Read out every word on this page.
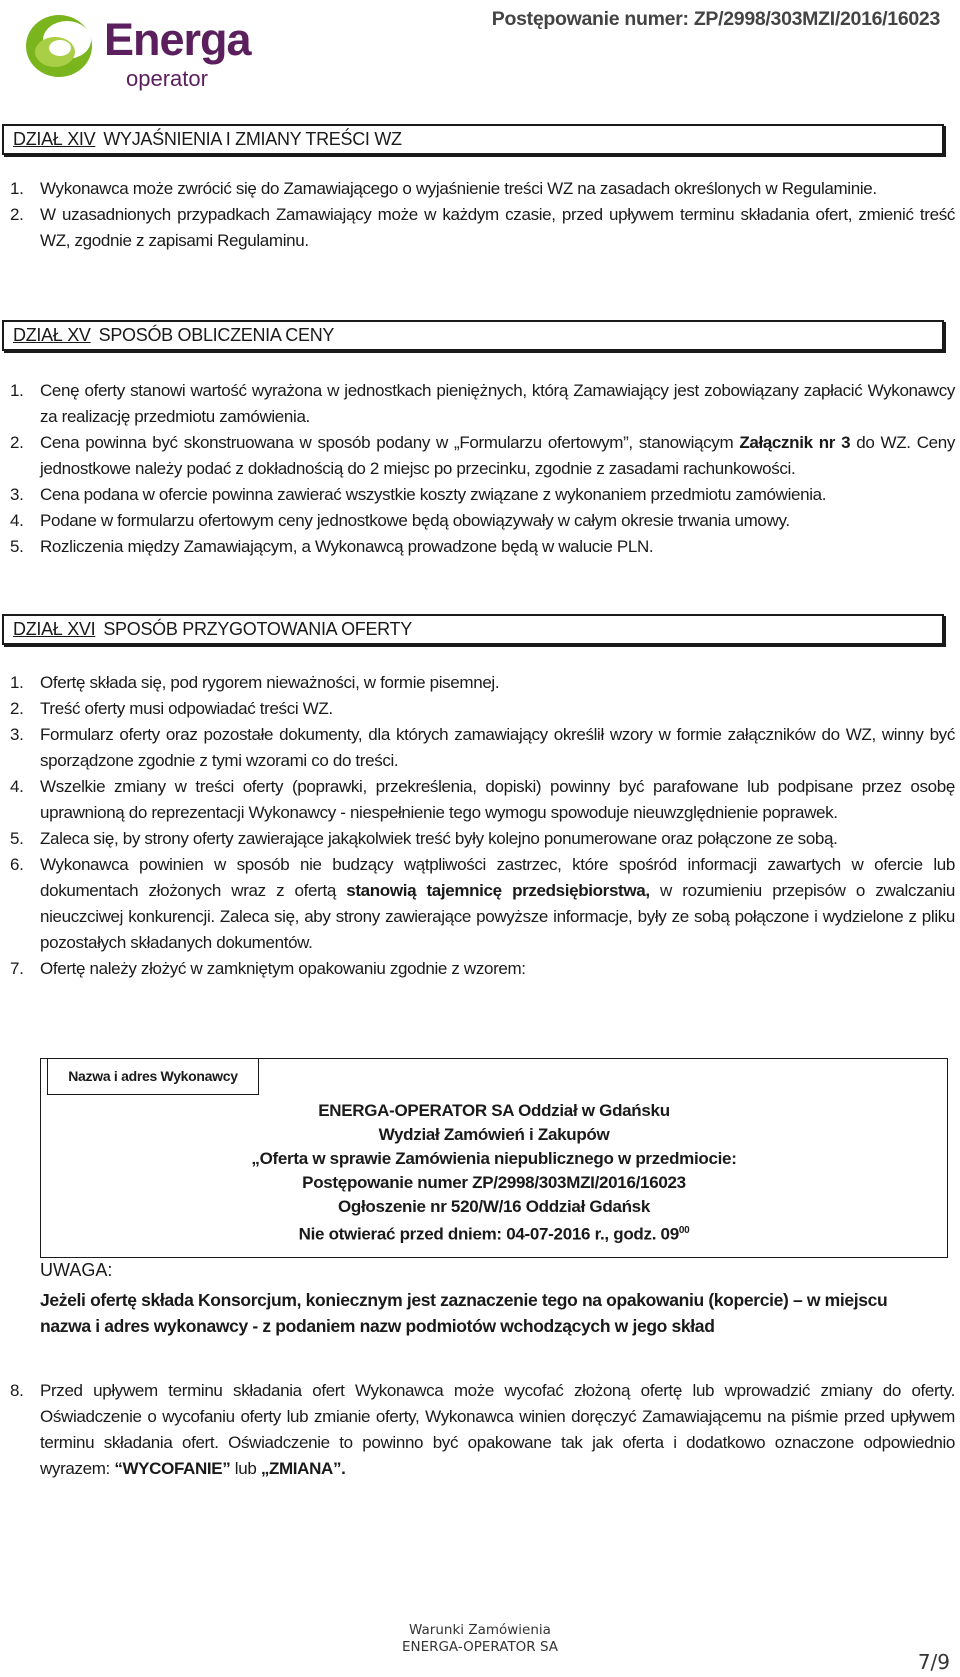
Energa
operator
Postępowanie numer: ZP/2998/303MZI/2016/16023
DZIAŁ XIV WYJAŚNIENIA I ZMIANY TREŚCI WZ
1. Wykonawca może zwrócić się do Zamawiającego o wyjaśnienie treści WZ na zasadach określonych w Regulaminie.
2. W uzasadnionych przypadkach Zamawiający może w każdym czasie, przed upływem terminu składania ofert, zmienić treść WZ, zgodnie z zapisami Regulaminu.
DZIAŁ XV SPOSÓB OBLICZENIA CENY
1. Cenę oferty stanowi wartość wyrażona w jednostkach pieniężnych, którą Zamawiający jest zobowiązany zapłacić Wykonawcy za realizację przedmiotu zamówienia.
2. Cena powinna być skonstruowana w sposób podany w „Formularzu ofertowym”, stanowiącym Załącznik nr 3 do WZ. Ceny jednostkowe należy podać z dokładnością do 2 miejsc po przecinku, zgodnie z zasadami rachunkowości.
3. Cena podana w ofercie powinna zawierać wszystkie koszty związane z wykonaniem przedmiotu zamówienia.
4. Podane w formularzu ofertowym ceny jednostkowe będą obowiązywały w całym okresie trwania umowy.
5. Rozliczenia między Zamawiającym, a Wykonawcą prowadzone będą w walucie PLN.
DZIAŁ XVI SPOSÓB PRZYGOTOWANIA OFERTY
1. Ofertę składa się, pod rygorem nieważności, w formie pisemnej.
2. Treść oferty musi odpowiadać treści WZ.
3. Formularz oferty oraz pozostałe dokumenty, dla których zamawiający określił wzory w formie załączników do WZ, winny być sporządzone zgodnie z tymi wzorami co do treści.
4. Wszelkie zmiany w treści oferty (poprawki, przekreślenia, dopiski) powinny być parafowane lub podpisane przez osobę uprawnioną do reprezentacji Wykonawcy - niespełnienie tego wymogu spowoduje nieuwzględnienie poprawek.
5. Zaleca się, by strony oferty zawierające jakąkolwiek treść były kolejno ponumerowane oraz połączone ze sobą.
6. Wykonawca powinien w sposób nie budzący wątpliwości zastrzec, które spośród informacji zawartych w ofercie lub dokumentach złożonych wraz z ofertą stanowią tajemnicę przedsiębiorstwa, w rozumieniu przepisów o zwalczaniu nieuczciwej konkurencji. Zaleca się, aby strony zawierające powyższe informacje, były ze sobą połączone i wydzielone z pliku pozostałych składanych dokumentów.
7. Ofertę należy złożyć w zamkniętym opakowaniu zgodnie z wzorem:
Nazwa i adres Wykonawcy
ENERGA-OPERATOR SA Oddział w Gdańsku
Wydział Zamówień i Zakupów
„Oferta w sprawie Zamówienia niepublicznego w przedmiocie:
Postępowanie numer ZP/2998/303MZI/2016/16023
Ogłoszenie nr 520/W/16 Oddział Gdańsk
Nie otwierać przed dniem: 04-07-2016 r., godz. $09^{00}$
UWAGA:
Jeżeli ofertę składa Konsorcjum, koniecznym jest zaznaczenie tego na opakowaniu (kopercie) – w miejscu nazwa i adres wykonawcy - z podaniem nazw podmiotów wchodzących w jego skład
8. Przed upływem terminu składania ofert Wykonawca może wycofać złożoną ofertę lub wprowadzić zmiany do oferty. Oświadczenie o wycofaniu oferty lub zmianie oferty, Wykonawca winien doręczyć Zamawiającemu na piśmie przed upływem terminu składania ofert. Oświadczenie to powinno być opakowane tak jak oferta i dodatkowo oznaczone odpowiednio wyrazem: “WYCOFANIE” lub „ZMIANA”.
Warunki Zamówienia
ENERGA-OPERATOR SA
7/9
